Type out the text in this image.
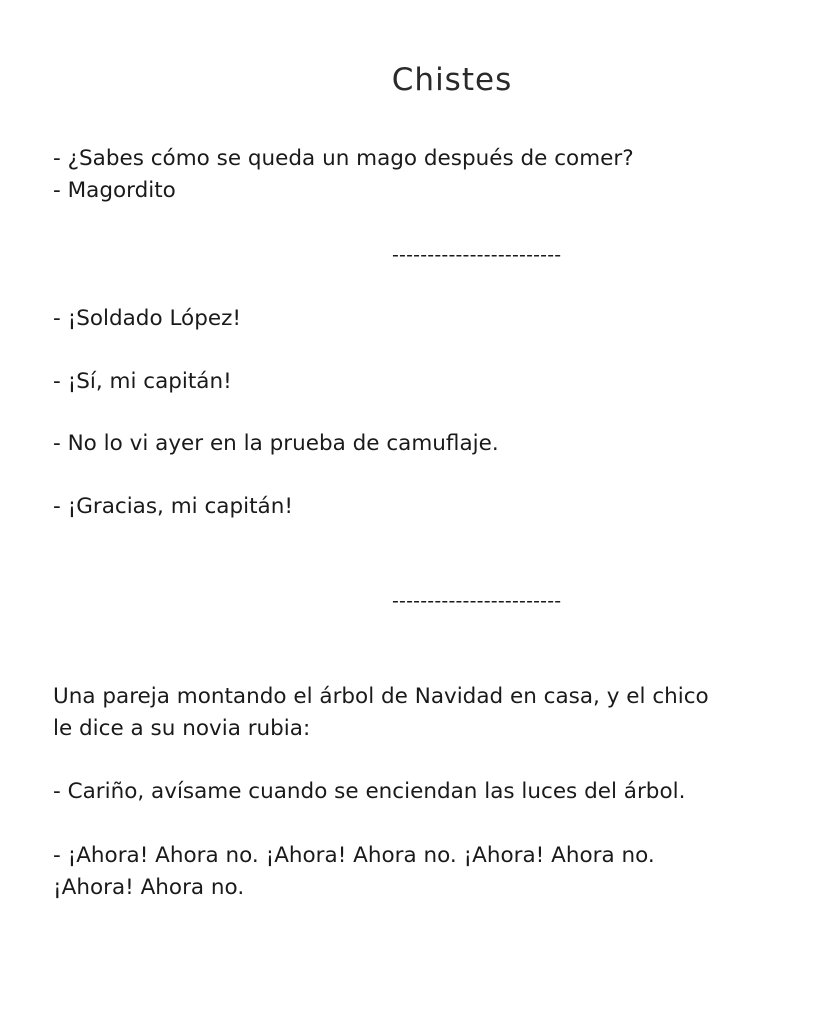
Chistes

- ¿Sabes cómo se queda un mago después de comer?

- Magordito

------------------------

- ¡Soldado López!

- ¡Sí, mi capitán!

- No lo vi ayer en la prueba de camuflaje.

- ¡Gracias, mi capitán!

------------------------

Una pareja montando el árbol de Navidad en casa, y el chico

le dice a su novia rubia:

- Cariño, avísame cuando se enciendan las luces del árbol.

- ¡Ahora! Ahora no. ¡Ahora! Ahora no. ¡Ahora! Ahora no.

¡Ahora! Ahora no.
